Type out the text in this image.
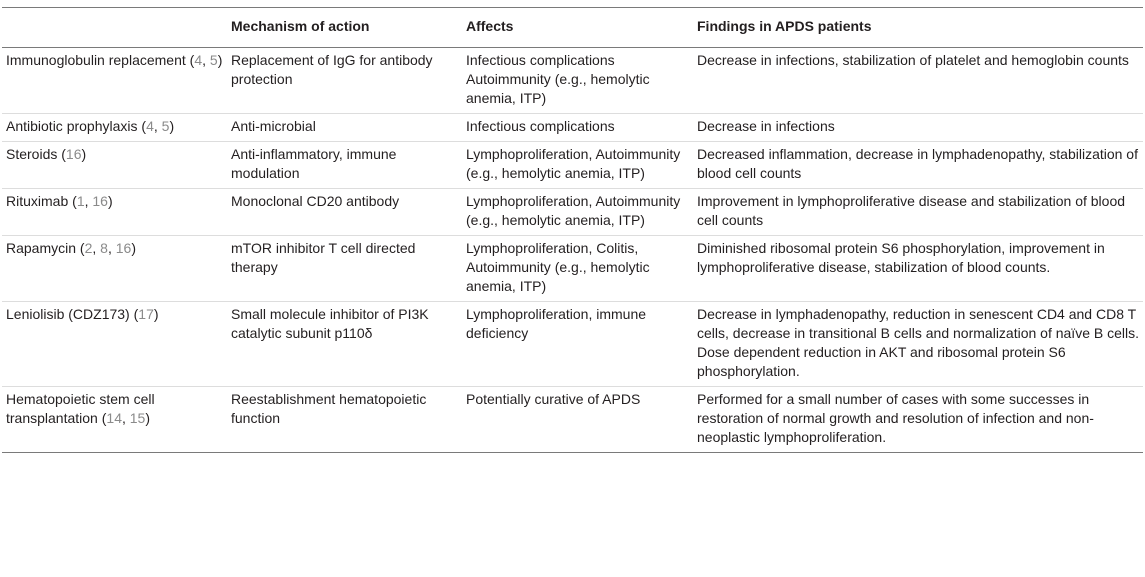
	Mechanism of action	Affects	Findings in APDS patients
Immunoglobulin replacement (4, 5)	Replacement of IgG for antibody protection	Infectious complications Autoimmunity (e.g., hemolytic anemia, ITP)	Decrease in infections, stabilization of platelet and hemoglobin counts
Antibiotic prophylaxis (4, 5)	Anti-microbial	Infectious complications	Decrease in infections
Steroids (16)	Anti-inflammatory, immune modulation	Lymphoproliferation, Autoimmunity (e.g., hemolytic anemia, ITP)	Decreased inflammation, decrease in lymphadenopathy, stabilization of blood cell counts
Rituximab (1, 16)	Monoclonal CD20 antibody	Lymphoproliferation, Autoimmunity (e.g., hemolytic anemia, ITP)	Improvement in lymphoproliferative disease and stabilization of blood cell counts
Rapamycin (2, 8, 16)	mTOR inhibitor T cell directed therapy	Lymphoproliferation, Colitis, Autoimmunity (e.g., hemolytic anemia, ITP)	Diminished ribosomal protein S6 phosphorylation, improvement in lymphoproliferative disease, stabilization of blood counts.
Leniolisib (CDZ173) (17)	Small molecule inhibitor of PI3K catalytic subunit p110δ	Lymphoproliferation, immune deficiency	Decrease in lymphadenopathy, reduction in senescent CD4 and CD8 T cells, decrease in transitional B cells and normalization of naïve B cells. Dose dependent reduction in AKT and ribosomal protein S6 phosphorylation.
Hematopoietic stem cell transplantation (14, 15)	Reestablishment hematopoietic function	Potentially curative of APDS	Performed for a small number of cases with some successes in restoration of normal growth and resolution of infection and non-neoplastic lymphoproliferation.
